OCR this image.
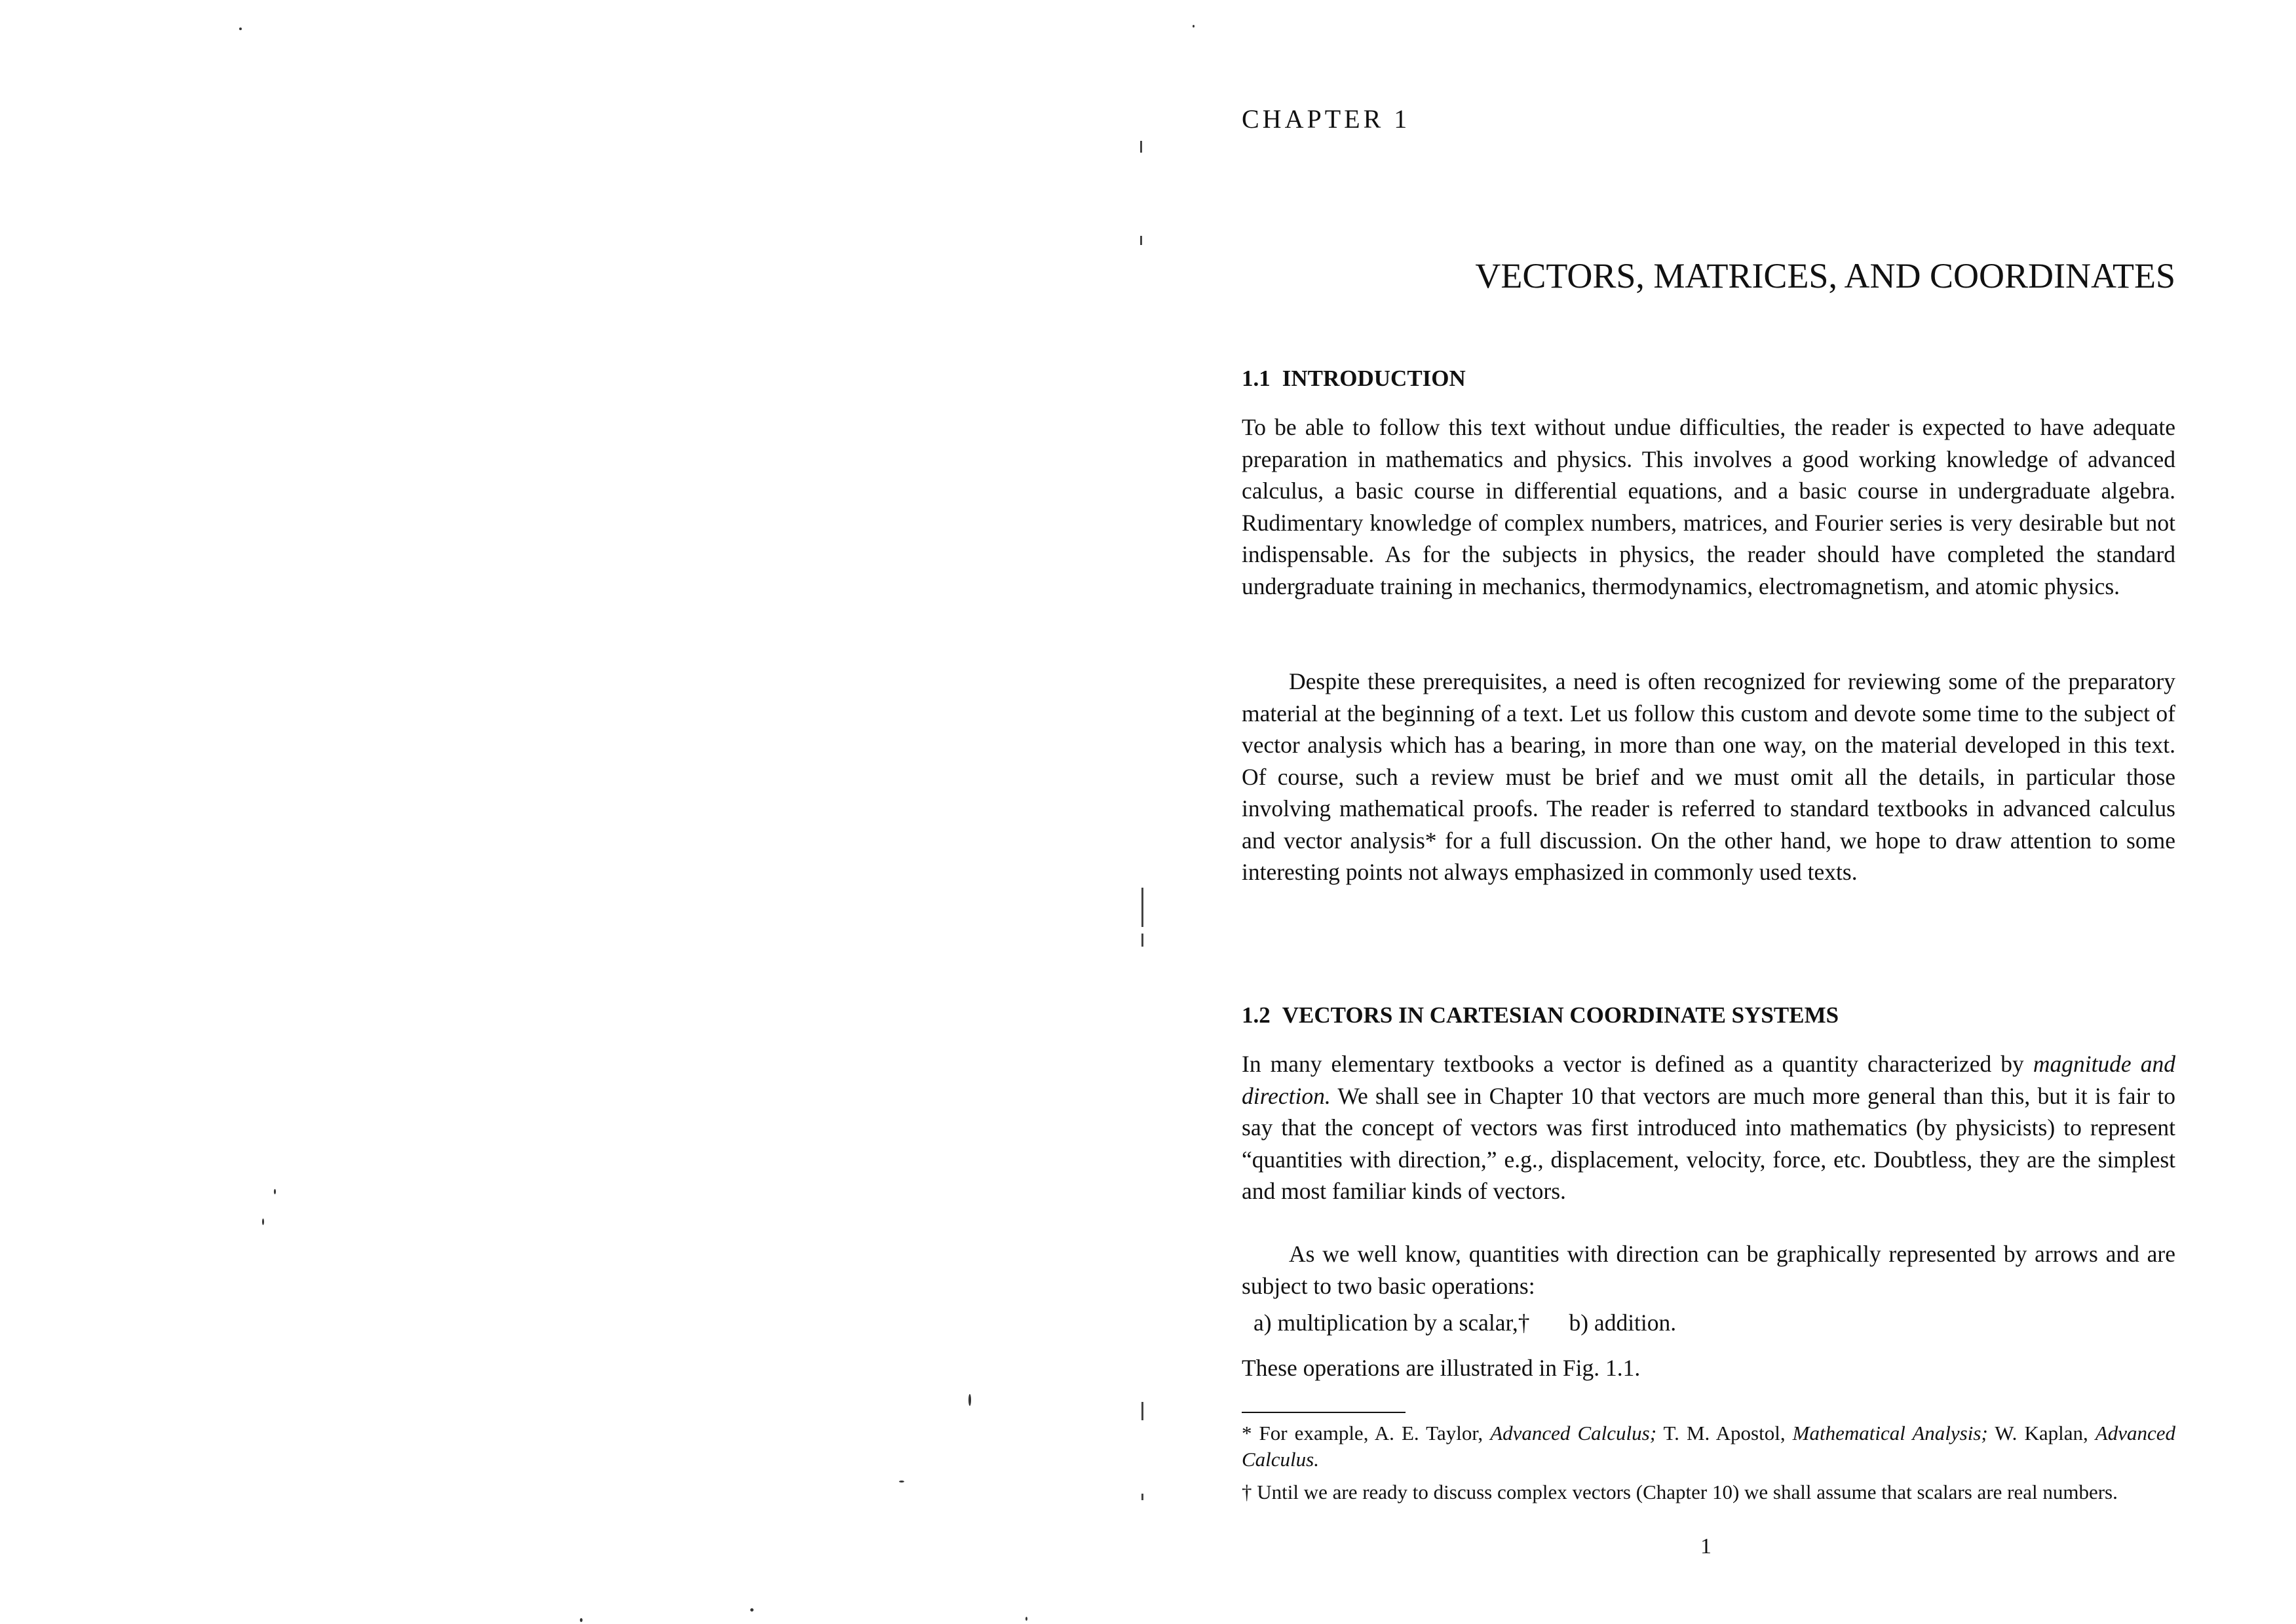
CHAPTER 1

VECTORS, MATRICES, AND COORDINATES
1.1 INTRODUCTION

To be able to follow this text without undue difficulties, the reader is expected to have adequate preparation in mathematics and physics. This involves a good working knowledge of advanced calculus, a basic course in differential equations, and a basic course in undergraduate algebra. Rudimentary knowledge of complex numbers, matrices, and Fourier series is very desirable but not indispensable. As for the subjects in physics, the reader should have completed the standard undergraduate training in mechanics, thermodynamics, electromagnetism, and atomic physics.

Despite these prerequisites, a need is often recognized for reviewing some of the preparatory material at the beginning of a text. Let us follow this custom and devote some time to the subject of vector analysis which has a bearing, in more than one way, on the material developed in this text. Of course, such a review must be brief and we must omit all the details, in particular those involving mathematical proofs. The reader is referred to standard textbooks in advanced calculus and vector analysis* for a full discussion. On the other hand, we hope to draw attention to some interesting points not always emphasized in commonly used texts.

1.2 VECTORS IN CARTESIAN COORDINATE SYSTEMS

In many elementary textbooks a vector is defined as a quantity characterized by magnitude and direction. We shall see in Chapter 10 that vectors are much more general than this, but it is fair to say that the concept of vectors was first introduced into mathematics (by physicists) to represent “quantities with direction,” e.g., displacement, velocity, force, etc. Doubtless, they are the simplest and most familiar kinds of vectors.

As we well know, quantities with direction can be graphically represented by arrows and are subject to two basic operations:

a) multiplication by a scalar,† b) addition.

These operations are illustrated in Fig. 1.1.

* For example, A. E. Taylor, Advanced Calculus; T. M. Apostol, Mathematical Analysis; W. Kaplan, Advanced Calculus.

† Until we are ready to discuss complex vectors (Chapter 10) we shall assume that scalars are real numbers.

1
